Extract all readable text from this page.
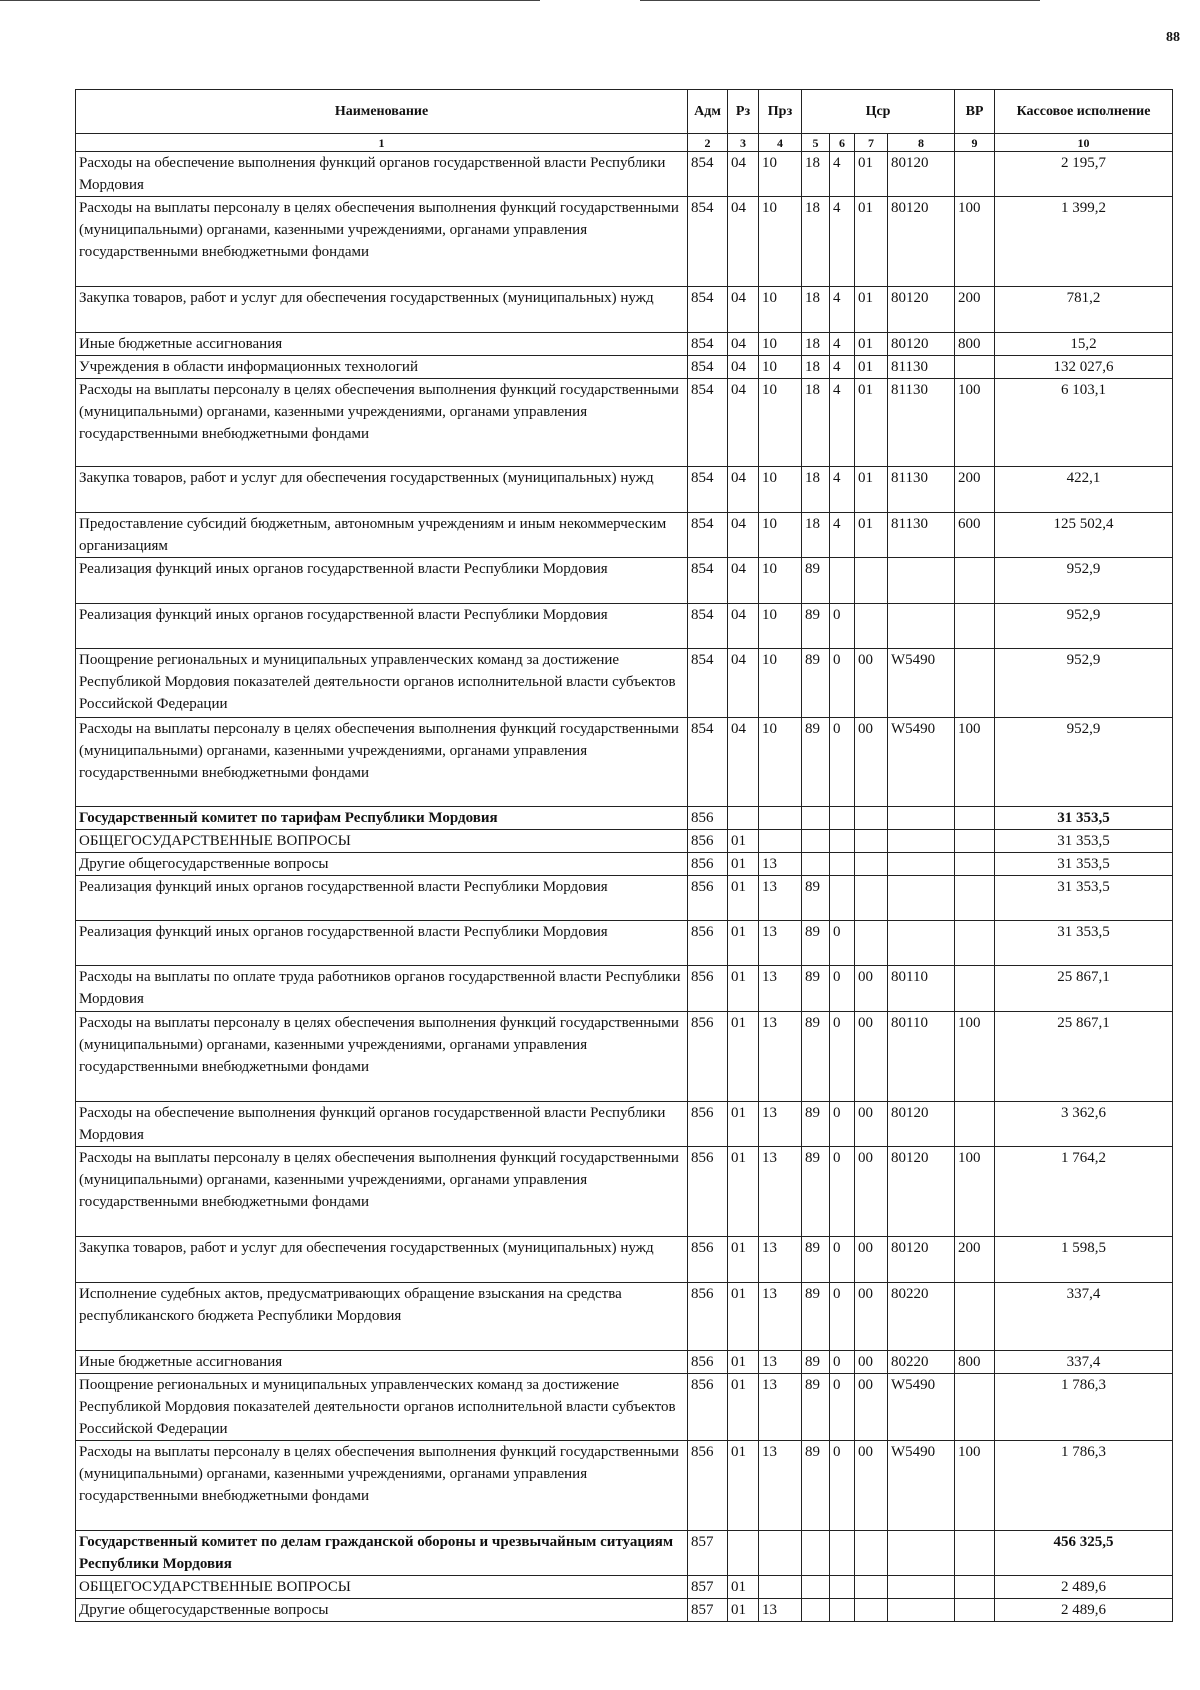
88
Наименование	Адм	Рз	Прз	Цср				ВР	Кассовое исполнение
1	2	3	4	5	6	7	8	9	10
Расходы на обеспечение выполнения функций органов государственной власти Республики Мордовия	854	04	10	18	4	01	80120		2 195,7
Расходы на выплаты персоналу в целях обеспечения выполнения функций государственными (муниципальными) органами, казенными учреждениями, органами управления государственными внебюджетными фондами	854	04	10	18	4	01	80120	100	1 399,2
Закупка товаров, работ и услуг для обеспечения государственных (муниципальных) нужд	854	04	10	18	4	01	80120	200	781,2
Иные бюджетные ассигнования	854	04	10	18	4	01	80120	800	15,2
Учреждения в области информационных технологий	854	04	10	18	4	01	81130		132 027,6
Расходы на выплаты персоналу в целях обеспечения выполнения функций государственными (муниципальными) органами, казенными учреждениями, органами управления государственными внебюджетными фондами	854	04	10	18	4	01	81130	100	6 103,1
Закупка товаров, работ и услуг для обеспечения государственных (муниципальных) нужд	854	04	10	18	4	01	81130	200	422,1
Предоставление субсидий бюджетным, автономным учреждениям и иным некоммерческим организациям	854	04	10	18	4	01	81130	600	125 502,4
Реализация функций иных органов государственной власти Республики Мордовия	854	04	10	89					952,9
Реализация функций иных органов государственной власти Республики Мордовия	854	04	10	89	0				952,9
Поощрение региональных и муниципальных управленческих команд за достижение Республикой Мордовия показателей деятельности органов исполнительной власти субъектов Российской Федерации	854	04	10	89	0	00	W5490		952,9
Расходы на выплаты персоналу в целях обеспечения выполнения функций государственными (муниципальными) органами, казенными учреждениями, органами управления государственными внебюджетными фондами	854	04	10	89	0	00	W5490	100	952,9
Государственный комитет по тарифам Республики Мордовия	856								31 353,5
ОБЩЕГОСУДАРСТВЕННЫЕ ВОПРОСЫ	856	01							31 353,5
Другие общегосударственные вопросы	856	01	13						31 353,5
Реализация функций иных органов государственной власти Республики Мордовия	856	01	13	89					31 353,5
Реализация функций иных органов государственной власти Республики Мордовия	856	01	13	89	0				31 353,5
Расходы на выплаты по оплате труда работников органов государственной власти Республики Мордовия	856	01	13	89	0	00	80110		25 867,1
Расходы на выплаты персоналу в целях обеспечения выполнения функций государственными (муниципальными) органами, казенными учреждениями, органами управления государственными внебюджетными фондами	856	01	13	89	0	00	80110	100	25 867,1
Расходы на обеспечение выполнения функций органов государственной власти Республики Мордовия	856	01	13	89	0	00	80120		3 362,6
Расходы на выплаты персоналу в целях обеспечения выполнения функций государственными (муниципальными) органами, казенными учреждениями, органами управления государственными внебюджетными фондами	856	01	13	89	0	00	80120	100	1 764,2
Закупка товаров, работ и услуг для обеспечения государственных (муниципальных) нужд	856	01	13	89	0	00	80120	200	1 598,5
Исполнение судебных актов, предусматривающих обращение взыскания на средства республиканского бюджета Республики Мордовия	856	01	13	89	0	00	80220		337,4
Иные бюджетные ассигнования	856	01	13	89	0	00	80220	800	337,4
Поощрение региональных и муниципальных управленческих команд за достижение Республикой Мордовия показателей деятельности органов исполнительной власти субъектов Российской Федерации	856	01	13	89	0	00	W5490		1 786,3
Расходы на выплаты персоналу в целях обеспечения выполнения функций государственными (муниципальными) органами, казенными учреждениями, органами управления государственными внебюджетными фондами	856	01	13	89	0	00	W5490	100	1 786,3
Государственный комитет по делам гражданской обороны и чрезвычайным ситуациям Республики Мордовия	857								456 325,5
ОБЩЕГОСУДАРСТВЕННЫЕ ВОПРОСЫ	857	01							2 489,6
Другие общегосударственные вопросы	857	01	13						2 489,6
